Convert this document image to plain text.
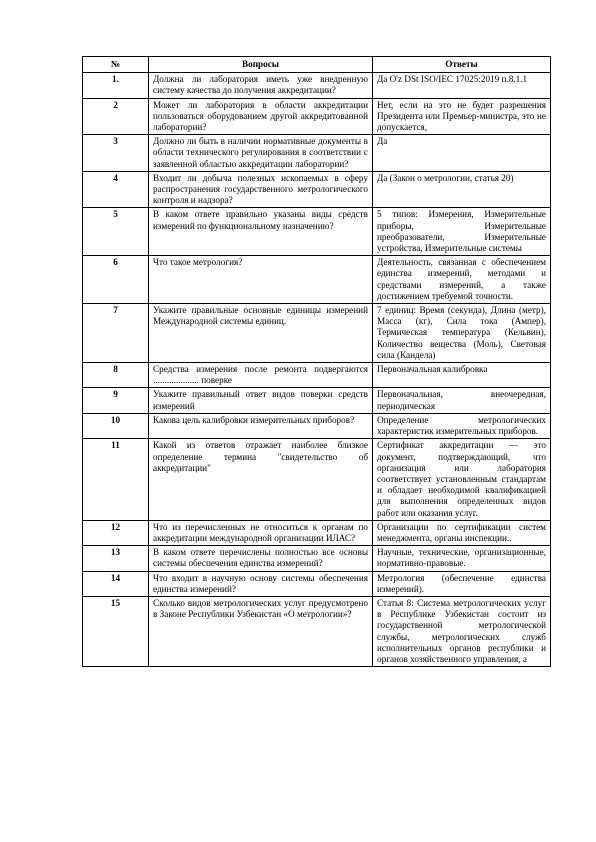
№	Вопросы	Ответы
1.	Должна ли лаборатория иметь уже внедренную систему качества до получения аккредитации?	Да O'z DSt ISO/IEC 17025:2019 п.8.1.1
2	Может ли лаборатория в области аккредитации пользоваться оборудованием другой аккредитованной лаборатории?	Нет, если на это не будет разрешения Президента или Премьер-министра, это не допускается,
3	Должно ли быть в наличии нормативные документы в области технического регулирования в соответствии с заявленной областью аккредитации лаборатории?	Да
4	Входит ли добыча полезных ископаемых в сферу распространения государственного метрологического контроля и надзора?	Да (Закон о метрологии, статья 20)
5	В каком ответе правильно указаны виды средств измерений по функциональному назначению?	5 типов: Измерения, Измерительные приборы, Измерительные преобразователи, Измерительные устройства, Измерительные системы
6	Что такое метрология?	Деятельность, связанная с обеспечением единства измерений, методами и средствами измерений, а также достижением требуемой точности.
7	Укажите правильные основные единицы измерений Международной системы единиц.	7 единиц: Время (секунда), Длина (метр), Масса (кг), Сила тока (Ампер), Термическая температура (Кельвин), Количество вещества (Моль), Световая сила (Кандела)
8	Средства измерения после ремонта подвергаются .................... поверке	Первоначальная калибровка
9	Укажите правильный ответ видов поверки средств измерений	Первоначальная, внеочередная, периодическая
10	Какова цель калибровки измерительных приборов?	Определение метрологических характеристик измерительных приборов.
11	Какой из ответов отражает наиболее близкое определение термина "свидетельство об аккредитации"	Сертификат аккредитации — это документ, подтверждающий, что организация или лаборатория соответствует установленным стандартам и обладает необходимой квалификацией для выполнения определенных видов работ или оказания услуг.
12	Что из перечисленных не относиться к органам по аккредитации международной организации ИЛАС?	Организации по сертификации систем менеджмента, органы инспекции..
13	В каком ответе перечислены полностью все основы системы обеспечения единства измерений?	Научные, технические, организационные, нормативно-правовые.
14	Что входит в научную основу системы обеспечения единства измерений?	Метрология (обеспечение единства измерений).
15	Сколько видов метрологических услуг предусмотрено в Законе Республики Узбекистан «О метрологии»?	Статья 8: Система метрологических услуг в Республике Узбекистан состоит из государственной метрологической службы, метрологических служб исполнительных органов республики и органов хозяйственного управления, а
